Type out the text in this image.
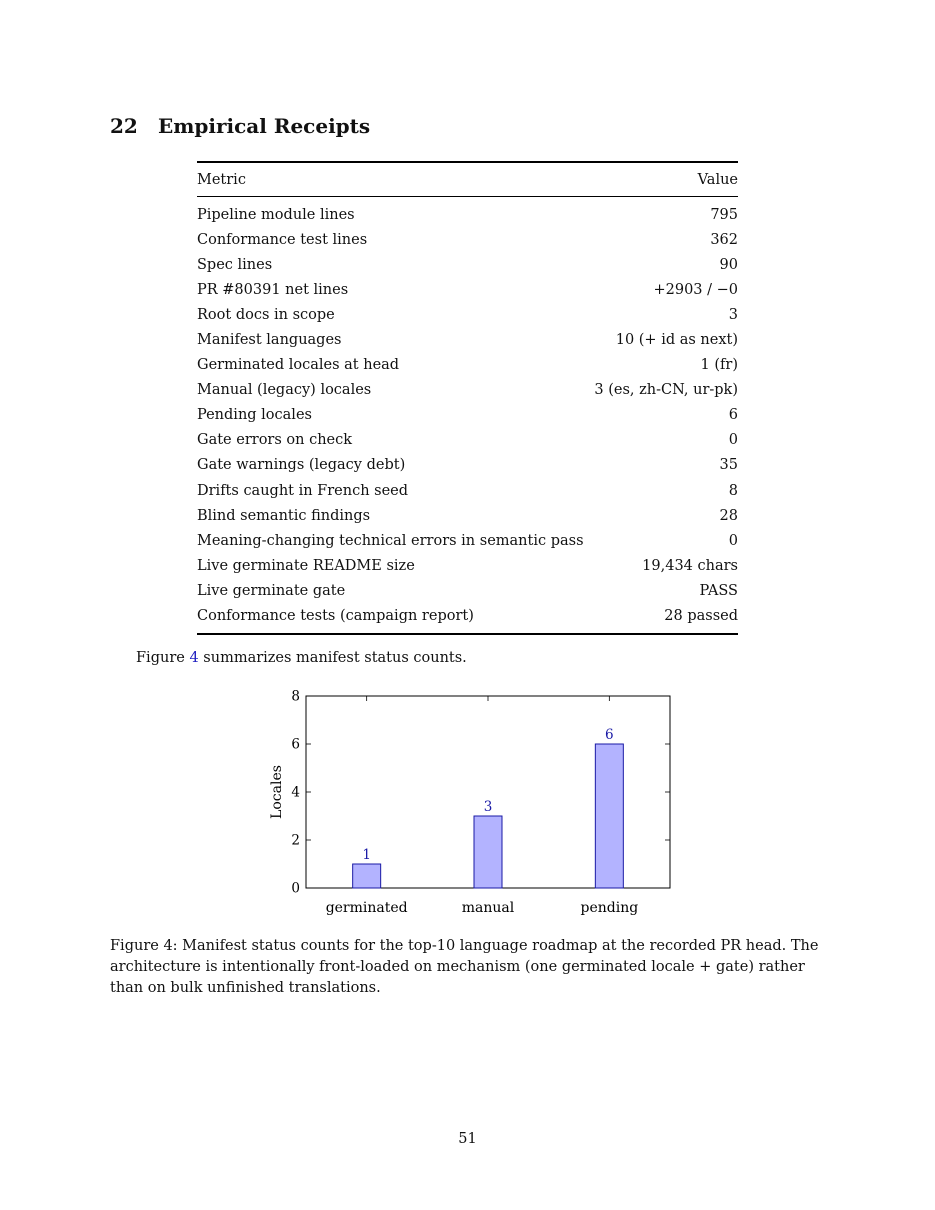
22 Empirical Receipts
Metric	Value
Pipeline module lines	795
Conformance test lines	362
Spec lines	90
PR #80391 net lines	+2903 / −0
Root docs in scope	3
Manifest languages	10 (+ id as next)
Germinated locales at head	1 (fr)
Manual (legacy) locales	3 (es, zh-CN, ur-pk)
Pending locales	6
Gate errors on check	0
Gate warnings (legacy debt)	35
Drifts caught in French seed	8
Blind semantic findings	28
Meaning-changing technical errors in semantic pass	0
Live germinate README size	19,434 chars
Live germinate gate	PASS
Conformance tests (campaign report)	28 passed

Figure 4 summarizes manifest status counts.

0
2
4
6
8
1
germinated
3
manual
6
pending
Locales

Figure 4: Manifest status counts for the top-10 language roadmap at the recorded PR head. The architecture is intentionally front-loaded on mechanism (one germinated locale + gate) rather than on bulk unfinished translations.

51
